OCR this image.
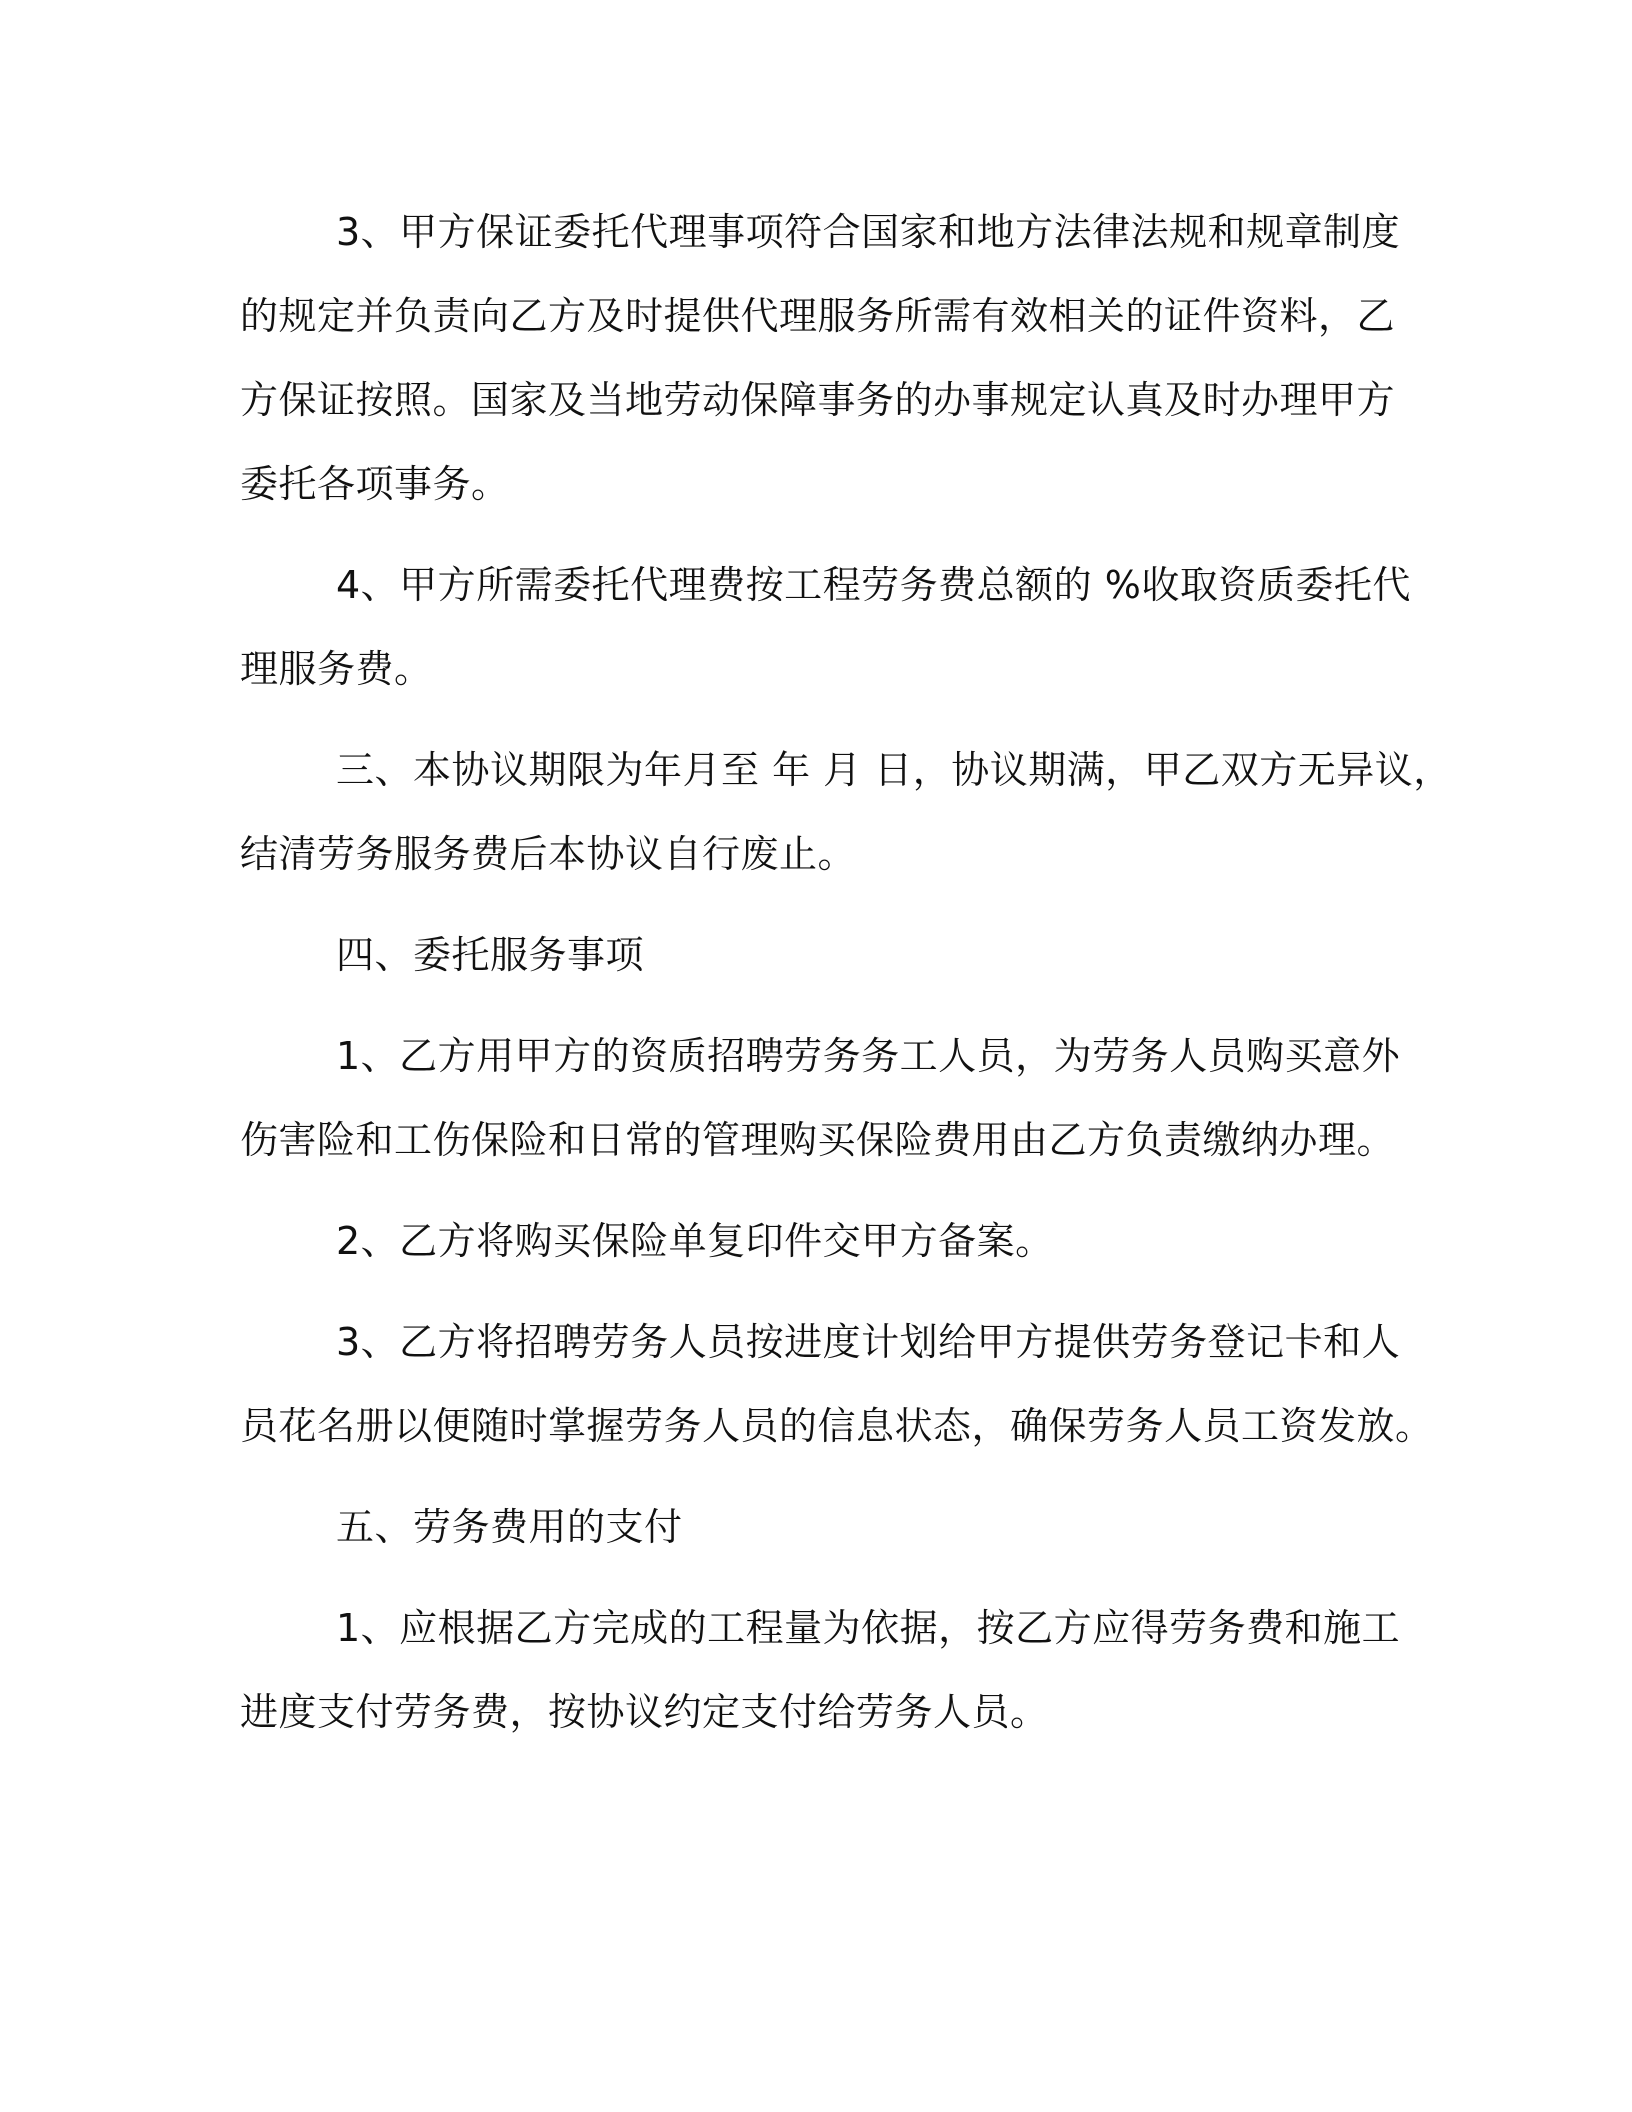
3、甲方保证委托代理事项符合国家和地方法律法规和规章制度
的规定并负责向乙方及时提供代理服务所需有效相关的证件资料，乙
方保证按照。国家及当地劳动保障事务的办事规定认真及时办理甲方
委托各项事务。
4、甲方所需委托代理费按工程劳务费总额的 %收取资质委托代
理服务费。
三、本协议期限为年月至 年 月 日，协议期满，甲乙双方无异议，
结清劳务服务费后本协议自行废止。
四、委托服务事项
1、乙方用甲方的资质招聘劳务务工人员，为劳务人员购买意外
伤害险和工伤保险和日常的管理购买保险费用由乙方负责缴纳办理。
2、乙方将购买保险单复印件交甲方备案。
3、乙方将招聘劳务人员按进度计划给甲方提供劳务登记卡和人
员花名册以便随时掌握劳务人员的信息状态，确保劳务人员工资发放。
五、劳务费用的支付
1、应根据乙方完成的工程量为依据，按乙方应得劳务费和施工
进度支付劳务费，按协议约定支付给劳务人员。
